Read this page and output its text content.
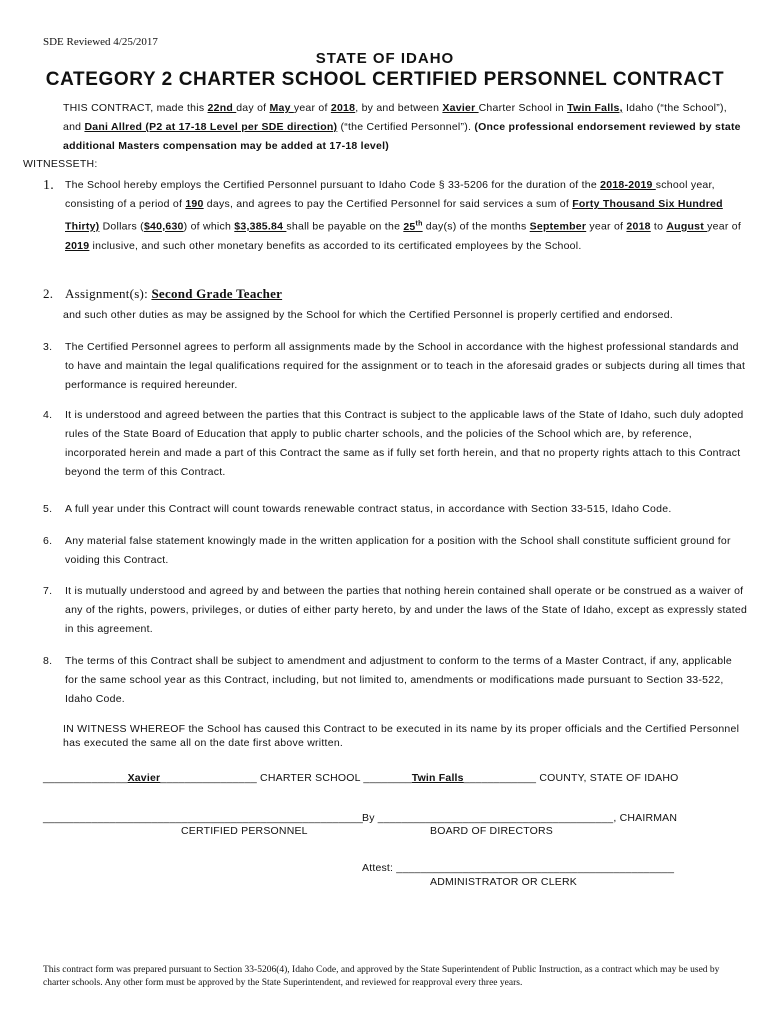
SDE Reviewed 4/25/2017
STATE OF IDAHO
CATEGORY 2 CHARTER SCHOOL CERTIFIED PERSONNEL CONTRACT
THIS CONTRACT, made this 22nd day of May year of 2018, by and between Xavier Charter School in Twin Falls, Idaho (“the School”), and Dani Allred (P2 at 17-18 Level per SDE direction) (“the Certified Personnel”). (Once professional endorsement reviewed by state additional Masters compensation may be added at 17-18 level)
WITNESSETH:
1. The School hereby employs the Certified Personnel pursuant to Idaho Code § 33-5206 for the duration of the 2018-2019 school year, consisting of a period of 190 days, and agrees to pay the Certified Personnel for said services a sum of Forty Thousand Six Hundred Thirty) Dollars ($40,630) of which $3,385.84 shall be payable on the 25th day(s) of the months September year of 2018 to August year of 2019 inclusive, and such other monetary benefits as accorded to its certificated employees by the School.
2. Assignment(s): Second Grade Teacher
and such other duties as may be assigned by the School for which the Certified Personnel is properly certified and endorsed.
3. The Certified Personnel agrees to perform all assignments made by the School in accordance with the highest professional standards and to have and maintain the legal qualifications required for the assignment or to teach in the aforesaid grades or subjects during all times that performance is required hereunder.
4. It is understood and agreed between the parties that this Contract is subject to the applicable laws of the State of Idaho, such duly adopted rules of the State Board of Education that apply to public charter schools, and the policies of the School which are, by reference, incorporated herein and made a part of this Contract the same as if fully set forth herein, and that no property rights attach to this Contract beyond the term of this Contract.
5. A full year under this Contract will count towards renewable contract status, in accordance with Section 33-515, Idaho Code.
6. Any material false statement knowingly made in the written application for a position with the School shall constitute sufficient ground for voiding this Contract.
7. It is mutually understood and agreed by and between the parties that nothing herein contained shall operate or be construed as a waiver of any of the rights, powers, privileges, or duties of either party hereto, by and under the laws of the State of Idaho, except as expressly stated in this agreement.
8. The terms of this Contract shall be subject to amendment and adjustment to conform to the terms of a Master Contract, if any, applicable for the same school year as this Contract, including, but not limited to, amendments or modifications made pursuant to Section 33-522, Idaho Code.
IN WITNESS WHEREOF the School has caused this Contract to be executed in its name by its proper officials and the Certified Personnel has executed the same all on the date first above written.
______________Xavier________________ CHARTER SCHOOL ________Twin Falls____________ COUNTY, STATE OF IDAHO
_____________________________________________________
By _______________________________________, CHAIRMAN
CERTIFIED PERSONNEL	BOARD OF DIRECTORS
Attest: ______________________________________________
ADMINISTRATOR OR CLERK
This contract form was prepared pursuant to Section 33-5206(4), Idaho Code, and approved by the State Superintendent of Public Instruction, as a contract which may be used by charter schools. Any other form must be approved by the State Superintendent, and reviewed for reapproval every three years.
